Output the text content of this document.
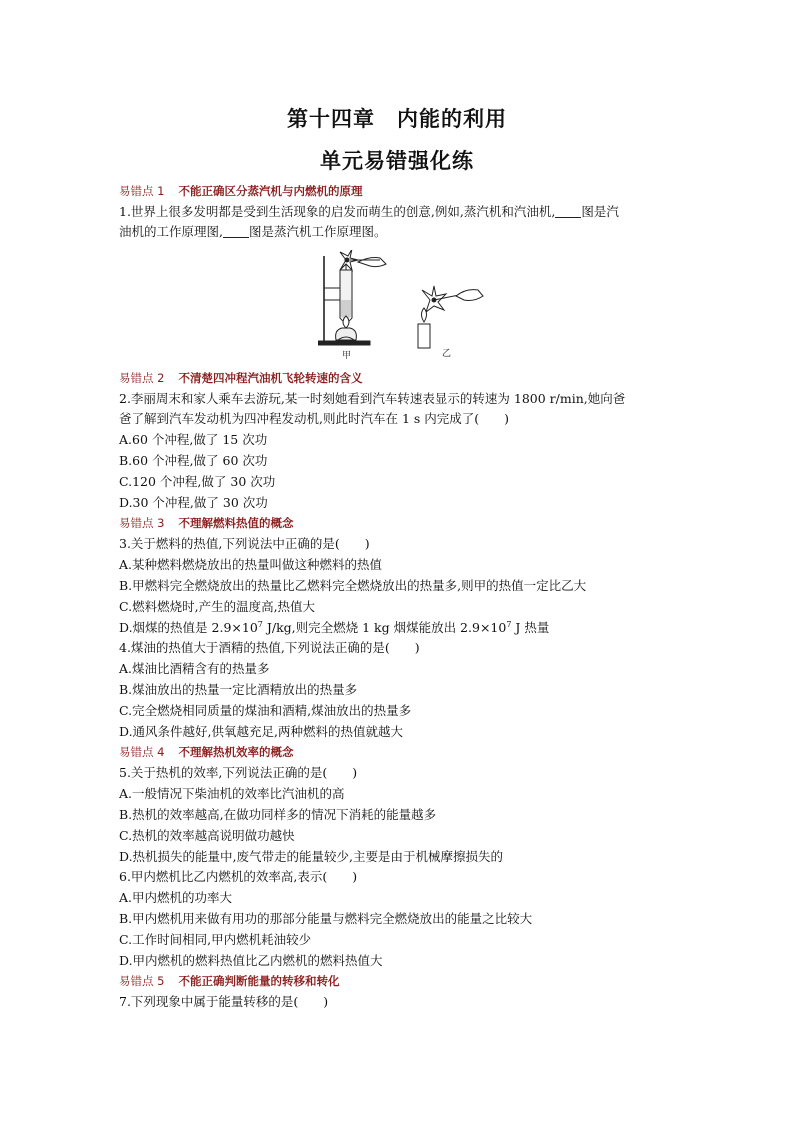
第十四章　内能的利用
单元易错强化练
易错点 1 不能正确区分蒸汽机与内燃机的原理
1.世界上很多发明都是受到生活现象的启发而萌生的创意,例如,蒸汽机和汽油机, 图是汽
油机的工作原理图, 图是蒸汽机工作原理图。
甲	乙
易错点 2 不清楚四冲程汽油机飞轮转速的含义
2.李丽周末和家人乘车去游玩,某一时刻她看到汽车转速表显示的转速为 1800 r/min,她向爸
爸了解到汽车发动机为四冲程发动机,则此时汽车在 1 s 内完成了(　　)
A.60 个冲程,做了 15 次功
B.60 个冲程,做了 60 次功
C.120 个冲程,做了 30 次功
D.30 个冲程,做了 30 次功
易错点 3 不理解燃料热值的概念
3.关于燃料的热值,下列说法中正确的是(　　)
A.某种燃料燃烧放出的热量叫做这种燃料的热值
B.甲燃料完全燃烧放出的热量比乙燃料完全燃烧放出的热量多,则甲的热值一定比乙大
C.燃料燃烧时,产生的温度高,热值大
D.烟煤的热值是 $2.9\times 10^7$ J/kg,则完全燃烧 1 kg 烟煤能放出 $2.9\times 10^7$ J 热量
4.煤油的热值大于酒精的热值,下列说法正确的是(　　)
A.煤油比酒精含有的热量多
B.煤油放出的热量一定比酒精放出的热量多
C.完全燃烧相同质量的煤油和酒精,煤油放出的热量多
D.通风条件越好,供氧越充足,两种燃料的热值就越大
易错点 4 不理解热机效率的概念
5.关于热机的效率,下列说法正确的是(　　)
A.一般情况下柴油机的效率比汽油机的高
B.热机的效率越高,在做功同样多的情况下消耗的能量越多
C.热机的效率越高说明做功越快
D.热机损失的能量中,废气带走的能量较少,主要是由于机械摩擦损失的
6.甲内燃机比乙内燃机的效率高,表示(　　)
A.甲内燃机的功率大
B.甲内燃机用来做有用功的那部分能量与燃料完全燃烧放出的能量之比较大
C.工作时间相同,甲内燃机耗油较少
D.甲内燃机的燃料热值比乙内燃机的燃料热值大
易错点 5 不能正确判断能量的转移和转化
7.下列现象中属于能量转移的是(　　)
